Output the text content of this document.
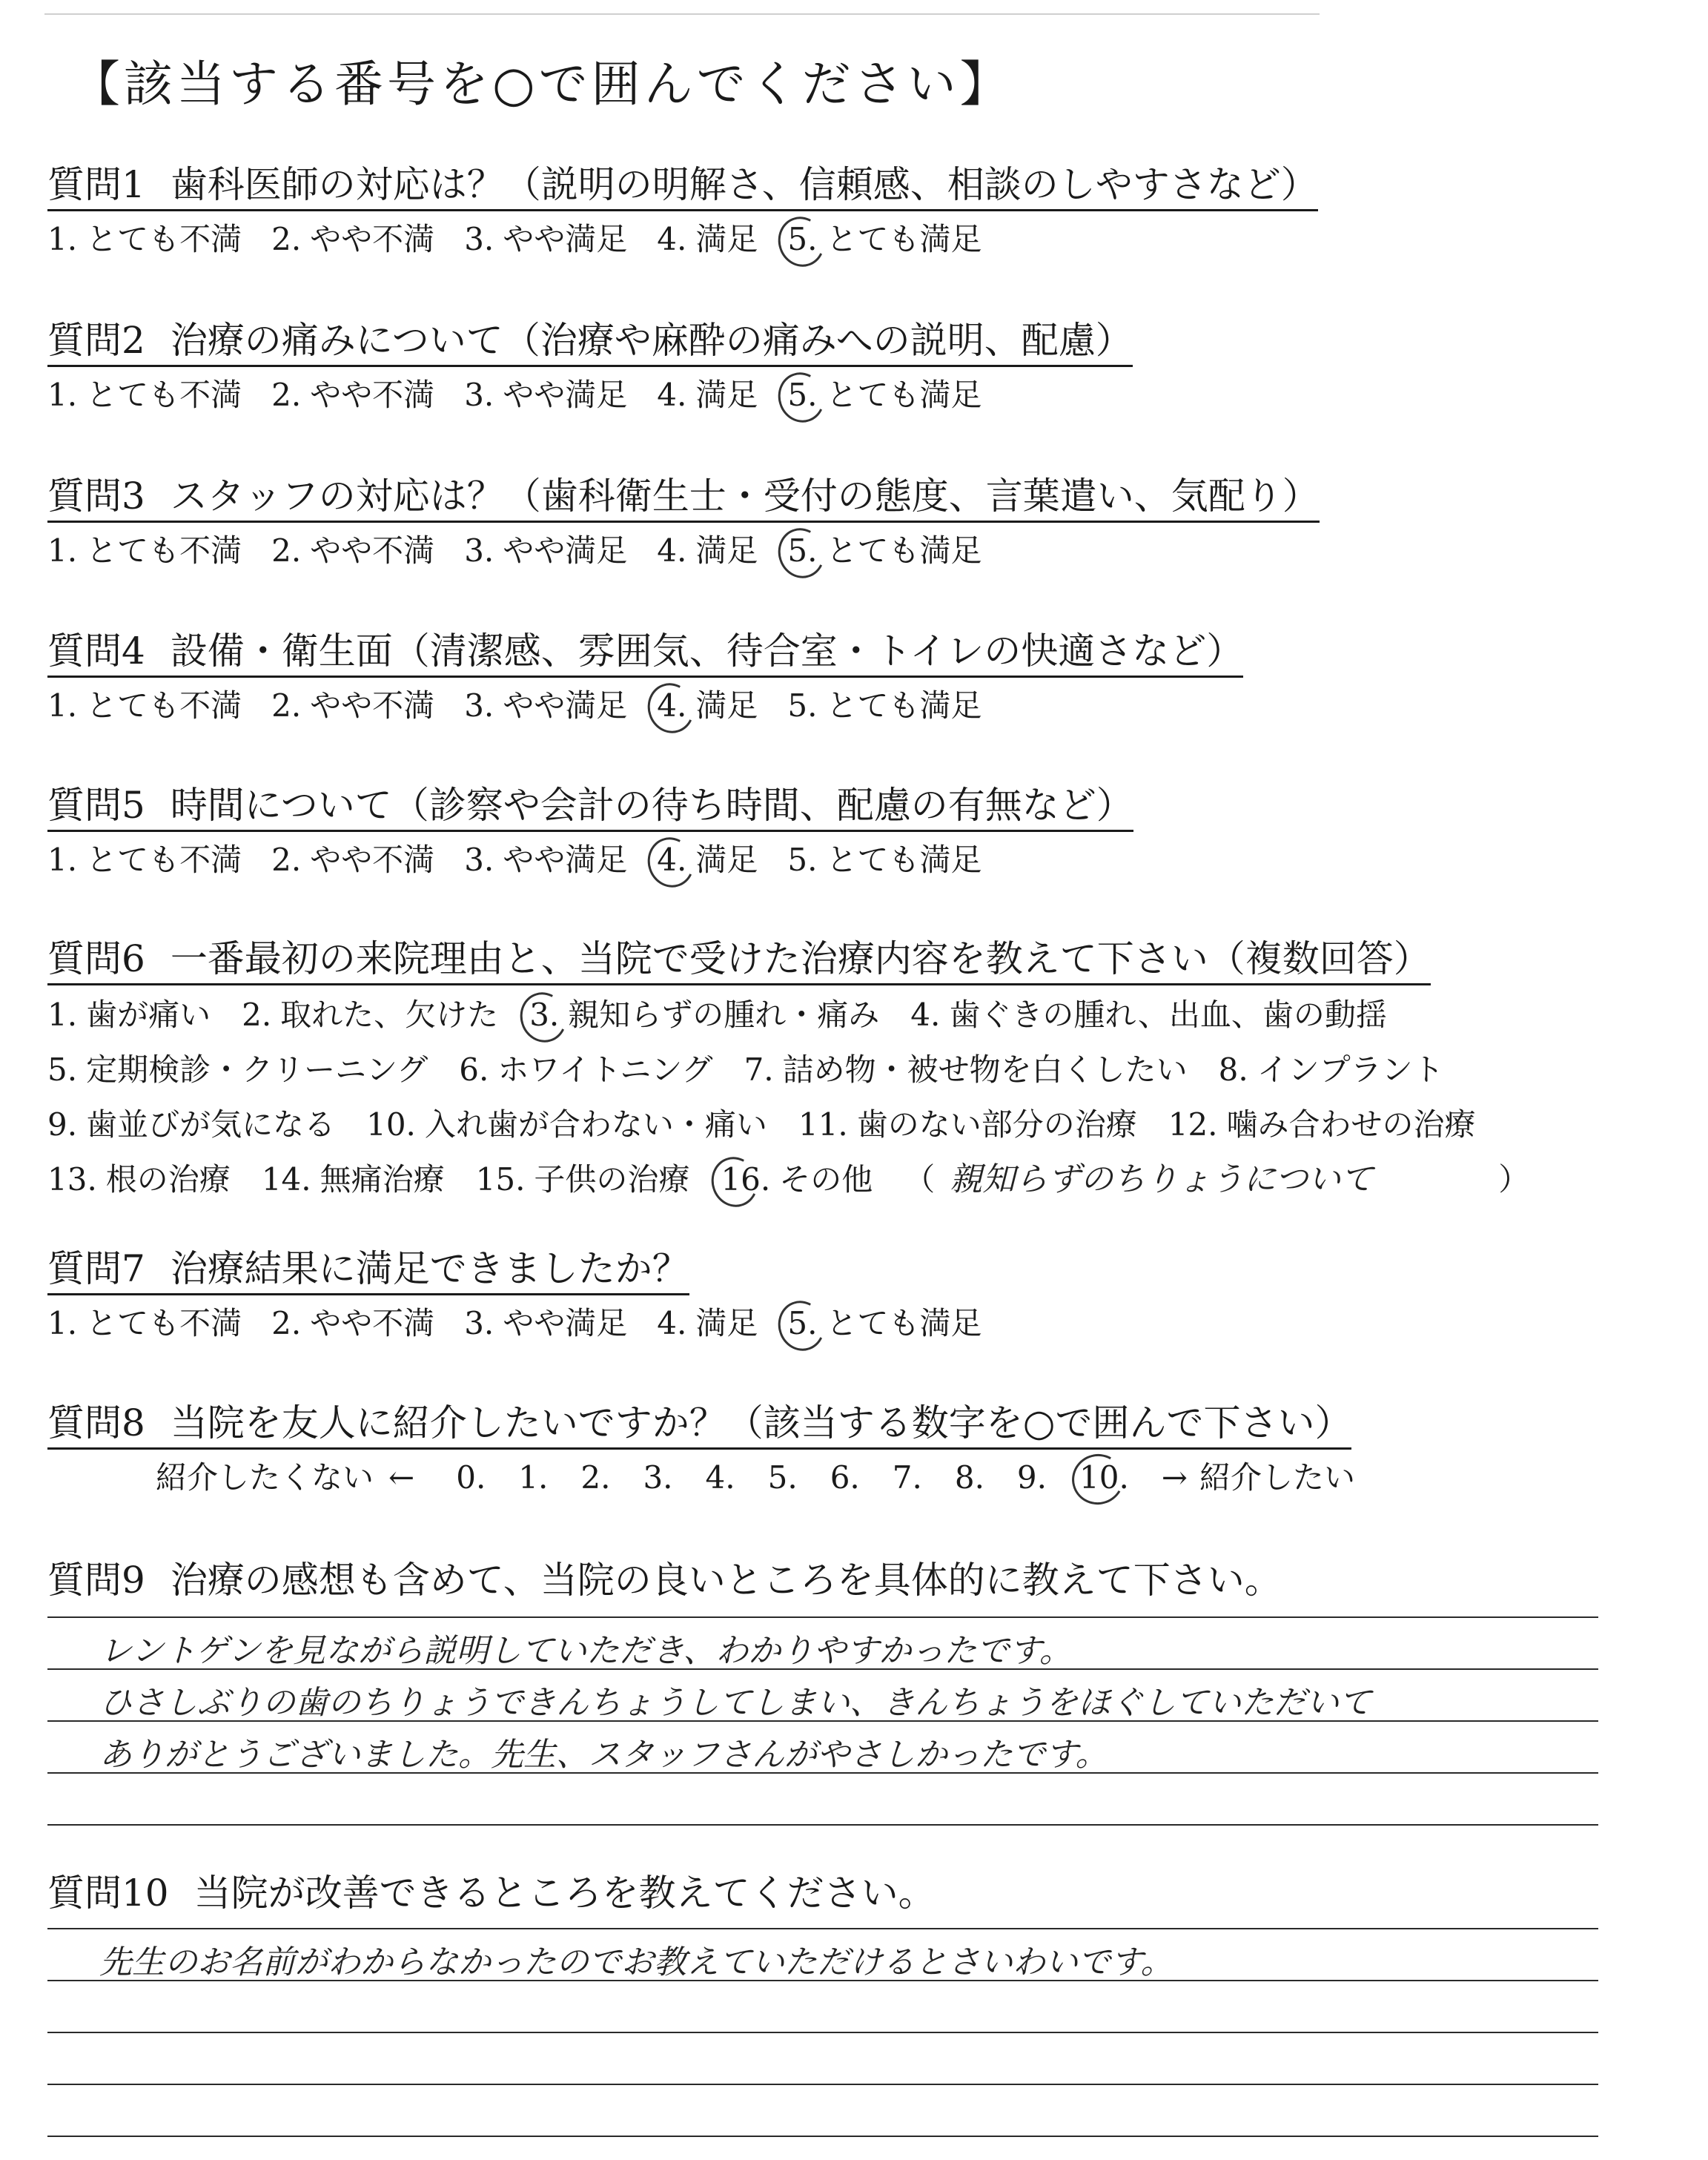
【該当する番号を○で囲んでください】
質問1 歯科医師の対応は？（説明の明解さ、信頼感、相談のしやすさなど）
1. とても不満 2. やや不満 3. やや満足 4. 満足 5. とても満足
質問2 治療の痛みについて（治療や麻酔の痛みへの説明、配慮）
1. とても不満 2. やや不満 3. やや満足 4. 満足 5. とても満足
質問3 スタッフの対応は？（歯科衛生士・受付の態度、言葉遣い、気配り）
1. とても不満 2. やや不満 3. やや満足 4. 満足 5. とても満足
質問4 設備・衛生面（清潔感、雰囲気、待合室・トイレの快適さなど）
1. とても不満 2. やや不満 3. やや満足 4. 満足 5. とても満足
質問5 時間について（診察や会計の待ち時間、配慮の有無など）
1. とても不満 2. やや不満 3. やや満足 4. 満足 5. とても満足
質問6 一番最初の来院理由と、当院で受けた治療内容を教えて下さい（複数回答）
1. 歯が痛い 2. 取れた、欠けた 3. 親知らずの腫れ・痛み 4. 歯ぐきの腫れ、出血、歯の動揺
5. 定期検診・クリーニング 6. ホワイトニング 7. 詰め物・被せ物を白くしたい 8. インプラント
9. 歯並びが気になる 10. 入れ歯が合わない・痛い 11. 歯のない部分の治療 12. 噛み合わせの治療
13. 根の治療 14. 無痛治療 15. 子供の治療 16. その他 （ 親知らずのちりょうについて	）
質問7 治療結果に満足できましたか？
1. とても不満 2. やや不満 3. やや満足 4. 満足 5. とても満足
質問8 当院を友人に紹介したいですか？（該当する数字を○で囲んで下さい）
紹介したくない ← 0. 1. 2. 3. 4. 5. 6. 7. 8. 9. 10. → 紹介したい
質問9 治療の感想も含めて、当院の良いところを具体的に教えて下さい。
レントゲンを見ながら説明していただき、わかりやすかったです。
ひさしぶりの歯のちりょうできんちょうしてしまい、きんちょうをほぐしていただいて
ありがとうございました。先生、スタッフさんがやさしかったです。
質問10 当院が改善できるところを教えてください。
先生のお名前がわからなかったのでお教えていただけるとさいわいです。
